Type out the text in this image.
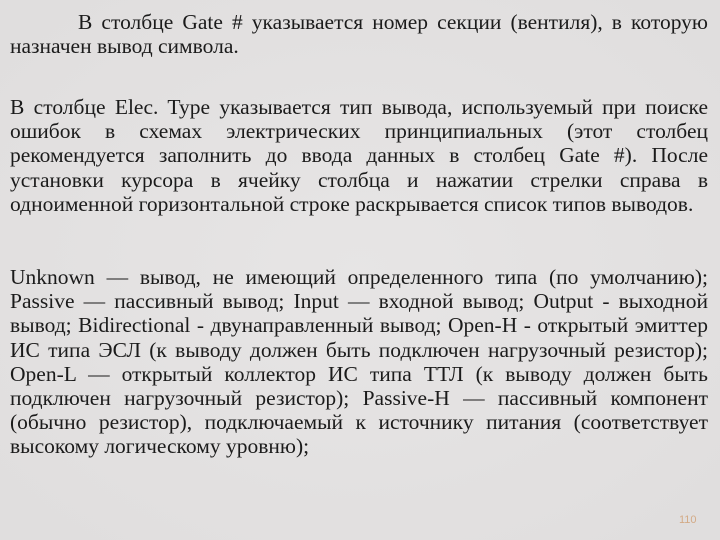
В столбце Gate # указывается номер секции (вентиля), в которую назначен вывод символа.

В столбце Elec. Type указывается тип вывода, используемый при поиске ошибок в схемах электрических принципиальных (этот столбец рекомендуется заполнить до ввода данных в столбец Gate #). После установки курсора в ячейку столбца и нажатии стрелки справа в одноименной горизонтальной строке раскрывается список типов выводов.

Unknown — вывод, не имеющий определенного типа (по умолчанию); Passive — пассивный вывод; Input — входной вывод; Output - выходной вывод; Bidirectional - двунаправленный вывод; Open-H - открытый эмиттер ИС типа ЭСЛ (к выводу должен быть подключен нагрузочный резистор); Open-L — открытый коллектор ИС типа ТТЛ (к выводу должен быть подключен нагрузочный резистор); Passive-H — пассивный компонент (обычно резистор), подключаемый к источнику питания (соответствует высокому логическому уровню);

110
